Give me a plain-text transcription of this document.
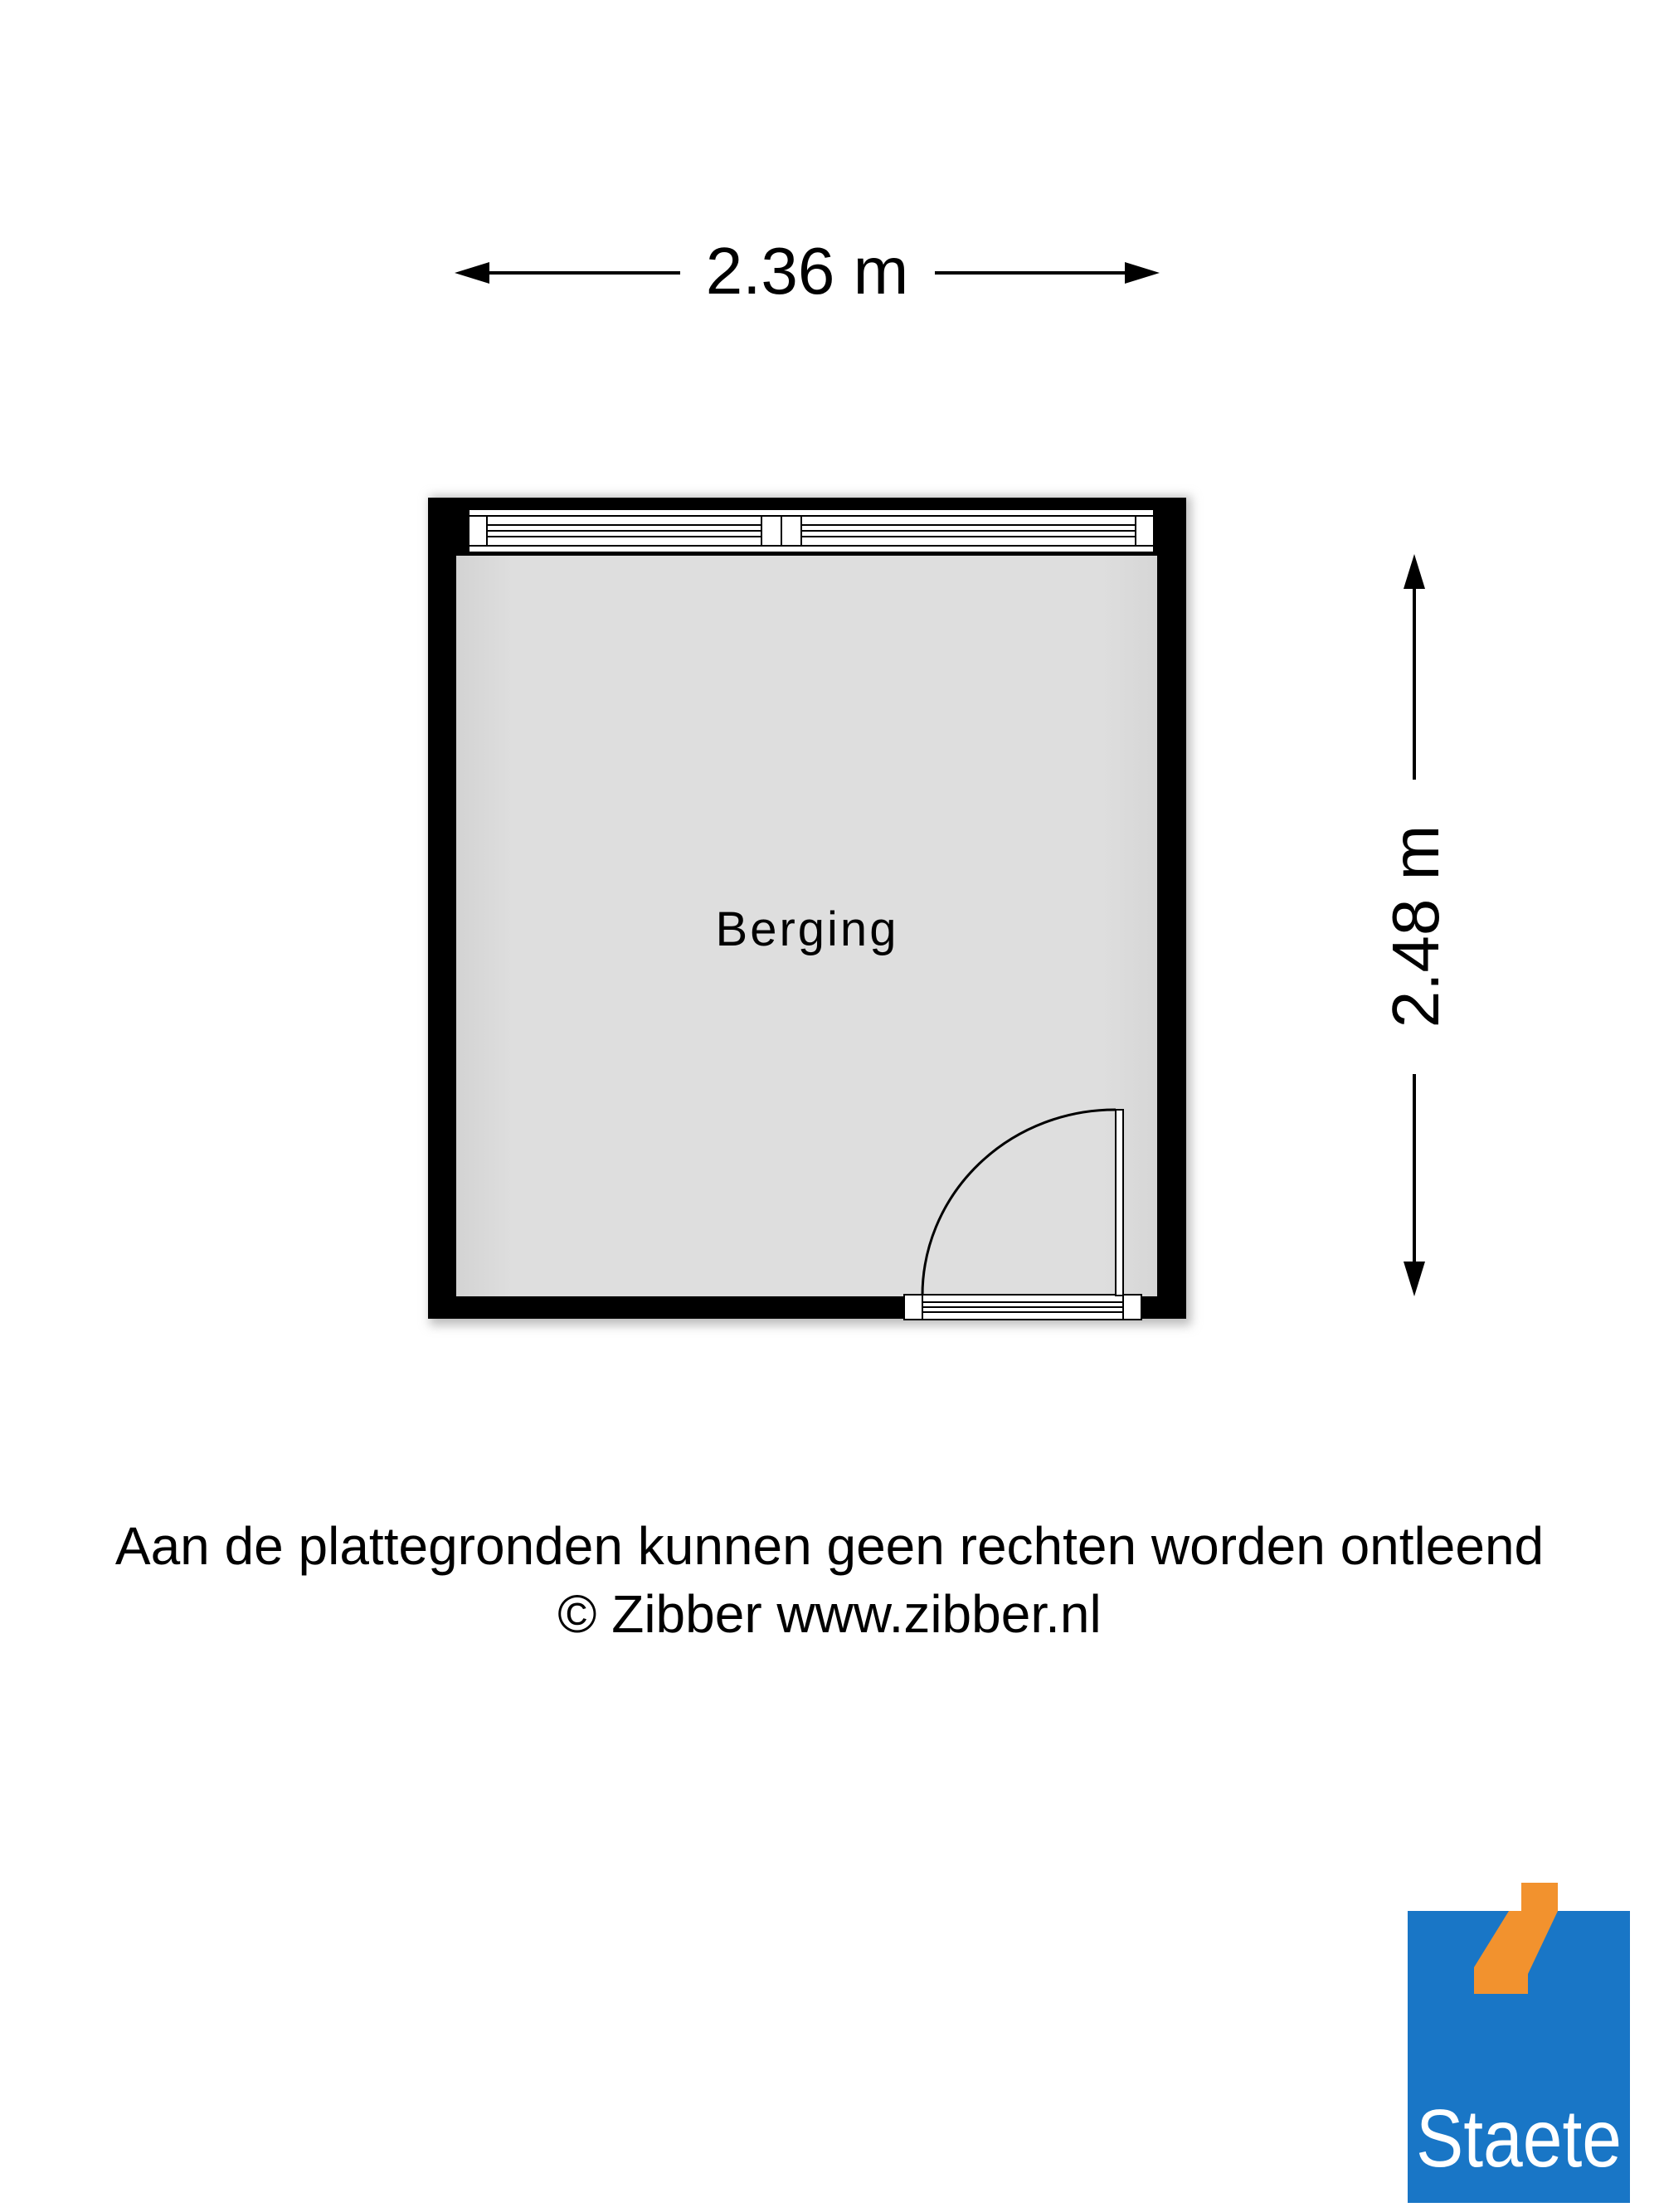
Berging
2.36 m
2.48 m
Aan de plattegronden kunnen geen rechten worden ontleend
© Zibber www.zibber.nl
Staete
